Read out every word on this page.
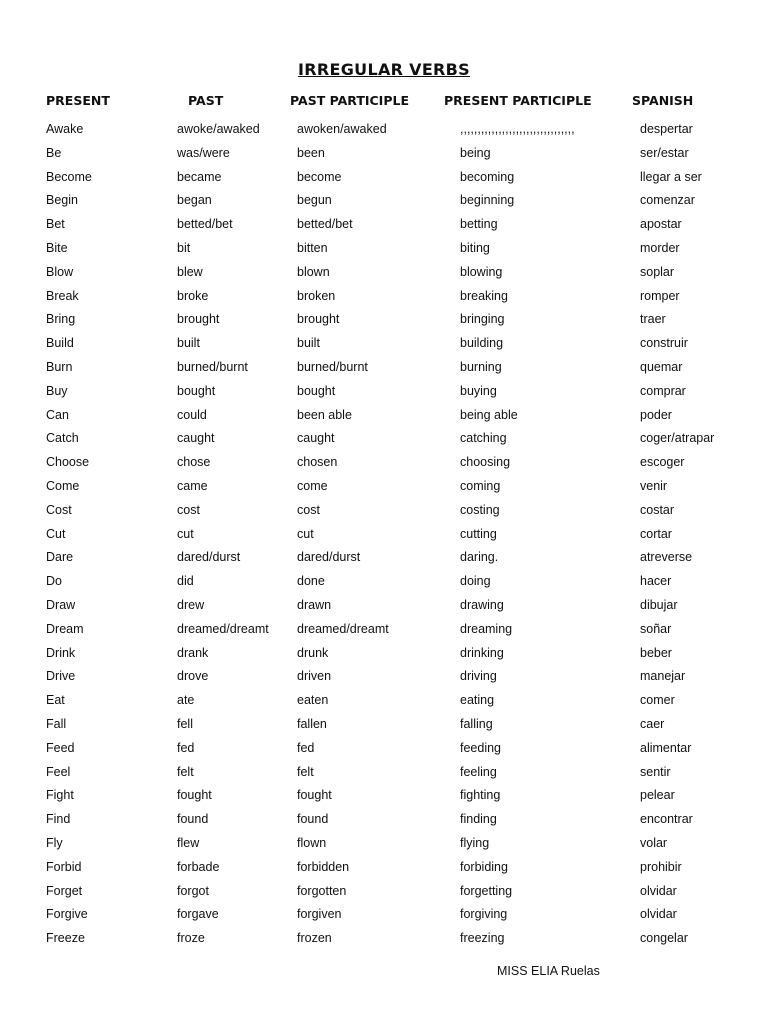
IRREGULAR VERBS
PRESENT	PAST	PAST PARTICIPLE	PRESENT PARTICIPLE	SPANISH
Awake	awoke/awaked	awoken/awaked	,,,,,,,,,,,,,,,,,,,,,,,,,,,,,,,,,	despertar
Be	was/were	been	being	ser/estar
Become	became	become	becoming	llegar a ser
Begin	began	begun	beginning	comenzar
Bet	betted/bet	betted/bet	betting	apostar
Bite	bit	bitten	biting	morder
Blow	blew	blown	blowing	soplar
Break	broke	broken	breaking	romper
Bring	brought	brought	bringing	traer
Build	built	built	building	construir
Burn	burned/burnt	burned/burnt	burning	quemar
Buy	bought	bought	buying	comprar
Can	could	been able	being able	poder
Catch	caught	caught	catching	coger/atrapar
Choose	chose	chosen	choosing	escoger
Come	came	come	coming	venir
Cost	cost	cost	costing	costar
Cut	cut	cut	cutting	cortar
Dare	dared/durst	dared/durst	daring.	atreverse
Do	did	done	doing	hacer
Draw	drew	drawn	drawing	dibujar
Dream	dreamed/dreamt dreamed/dreamt	dreaming	soñar
Drink	drank	drunk	drinking	beber
Drive	drove	driven	driving	manejar
Eat	ate	eaten	eating	comer
Fall	fell	fallen	falling	caer
Feed	fed	fed	feeding	alimentar
Feel	felt	felt	feeling	sentir
Fight	fought	fought	fighting	pelear
Find	found	found	finding	encontrar
Fly	flew	flown	flying	volar
Forbid	forbade	forbidden	forbiding	prohibir
Forget	forgot	forgotten	forgetting	olvidar
Forgive	forgave	forgiven	forgiving	olvidar
Freeze	froze	frozen	freezing	congelar
MISS ELIA Ruelas
